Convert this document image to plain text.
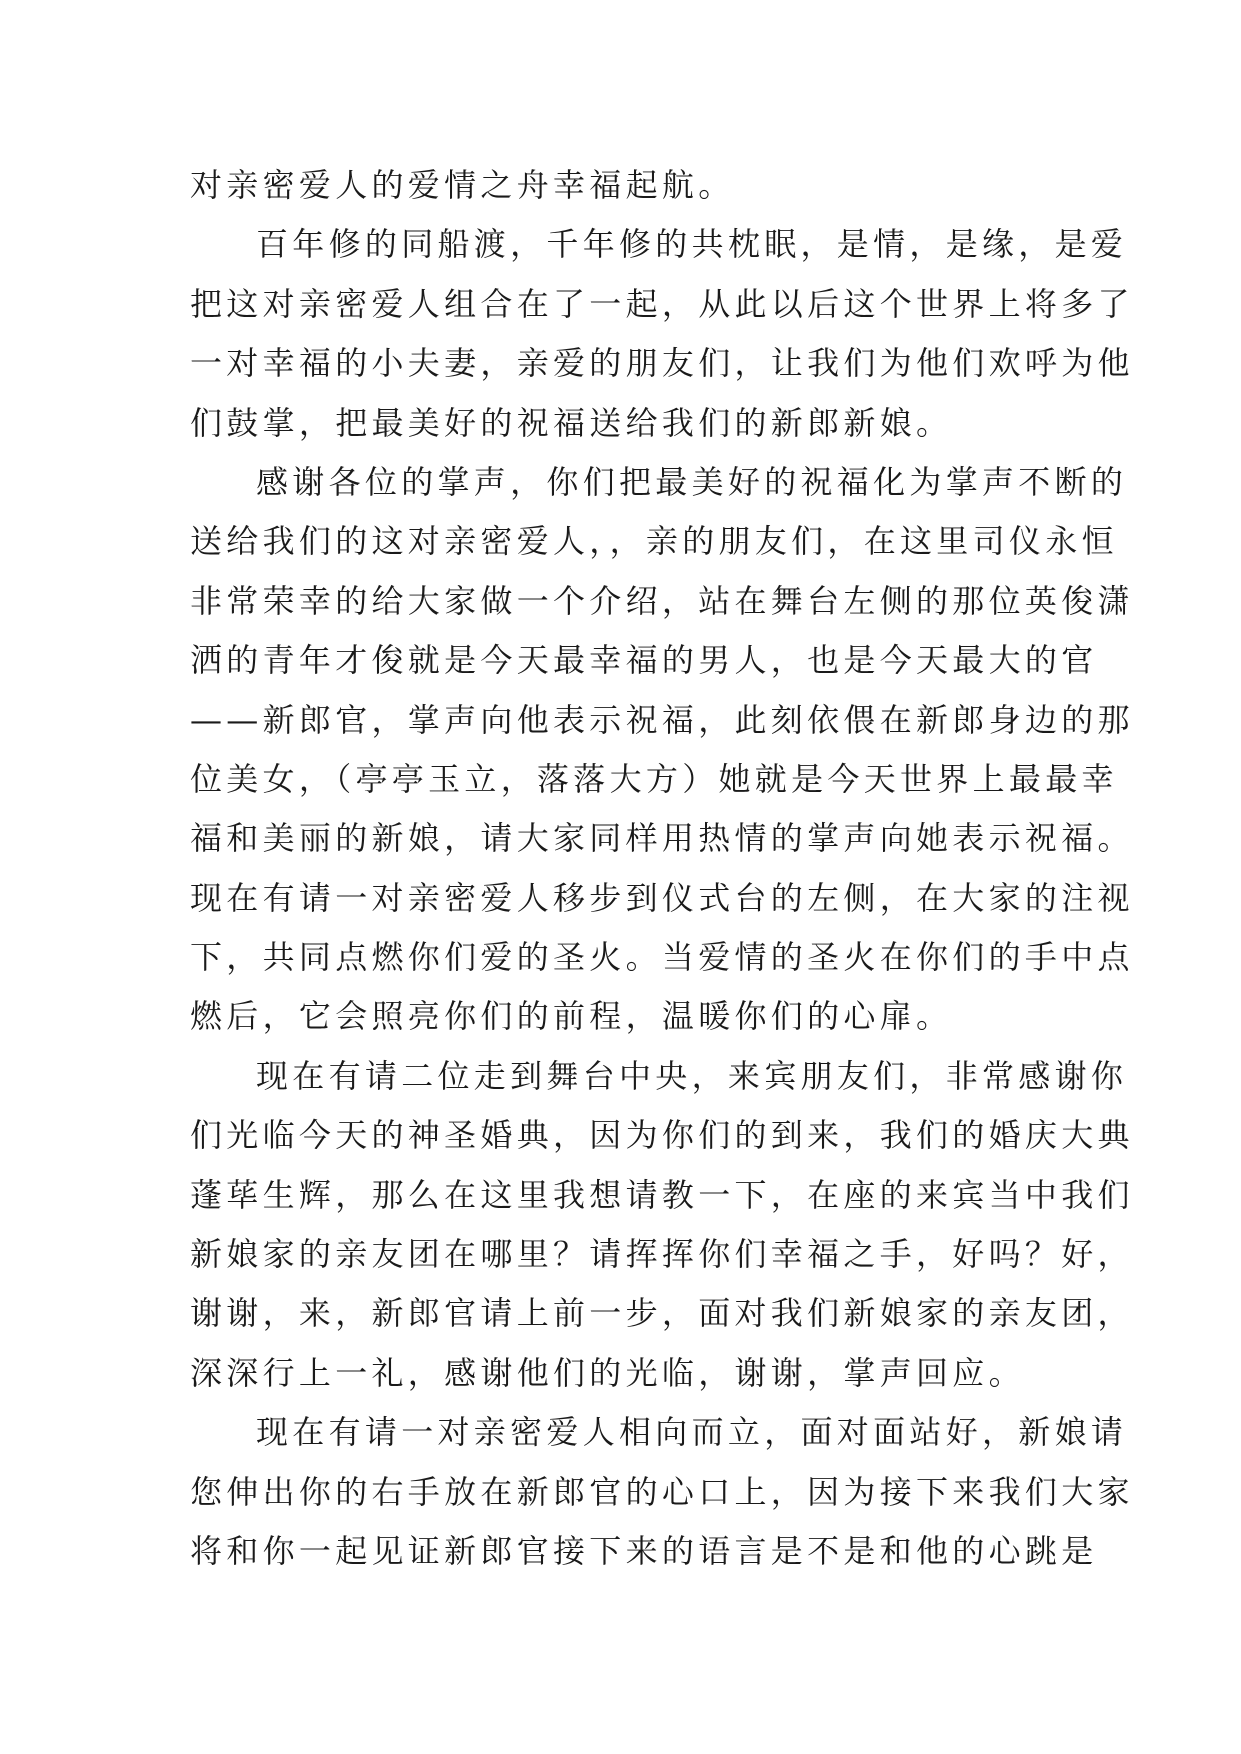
对亲密爱人的爱情之舟幸福起航。
百年修的同船渡，千年修的共枕眠，是情，是缘，是爱
把这对亲密爱人组合在了一起，从此以后这个世界上将多了
一对幸福的小夫妻，亲爱的朋友们，让我们为他们欢呼为他
们鼓掌，把最美好的祝福送给我们的新郎新娘。
感谢各位的掌声，你们把最美好的祝福化为掌声不断的
送给我们的这对亲密爱人，，亲的朋友们，在这里司仪永恒
非常荣幸的给大家做一个介绍，站在舞台左侧的那位英俊潇
洒的青年才俊就是今天最幸福的男人，也是今天最大的官
——新郎官，掌声向他表示祝福，此刻依偎在新郎身边的那
位美女，（亭亭玉立，落落大方）她就是今天世界上最最幸
福和美丽的新娘，请大家同样用热情的掌声向她表示祝福。
现在有请一对亲密爱人移步到仪式台的左侧，在大家的注视
下，共同点燃你们爱的圣火。当爱情的圣火在你们的手中点
燃后，它会照亮你们的前程，温暖你们的心扉。
现在有请二位走到舞台中央，来宾朋友们，非常感谢你
们光临今天的神圣婚典，因为你们的到来，我们的婚庆大典
蓬荜生辉，那么在这里我想请教一下，在座的来宾当中我们
新娘家的亲友团在哪里？请挥挥你们幸福之手，好吗？好，
谢谢，来，新郎官请上前一步，面对我们新娘家的亲友团，
深深行上一礼，感谢他们的光临，谢谢，掌声回应。
现在有请一对亲密爱人相向而立，面对面站好，新娘请
您伸出你的右手放在新郎官的心口上，因为接下来我们大家
将和你一起见证新郎官接下来的语言是不是和他的心跳是
